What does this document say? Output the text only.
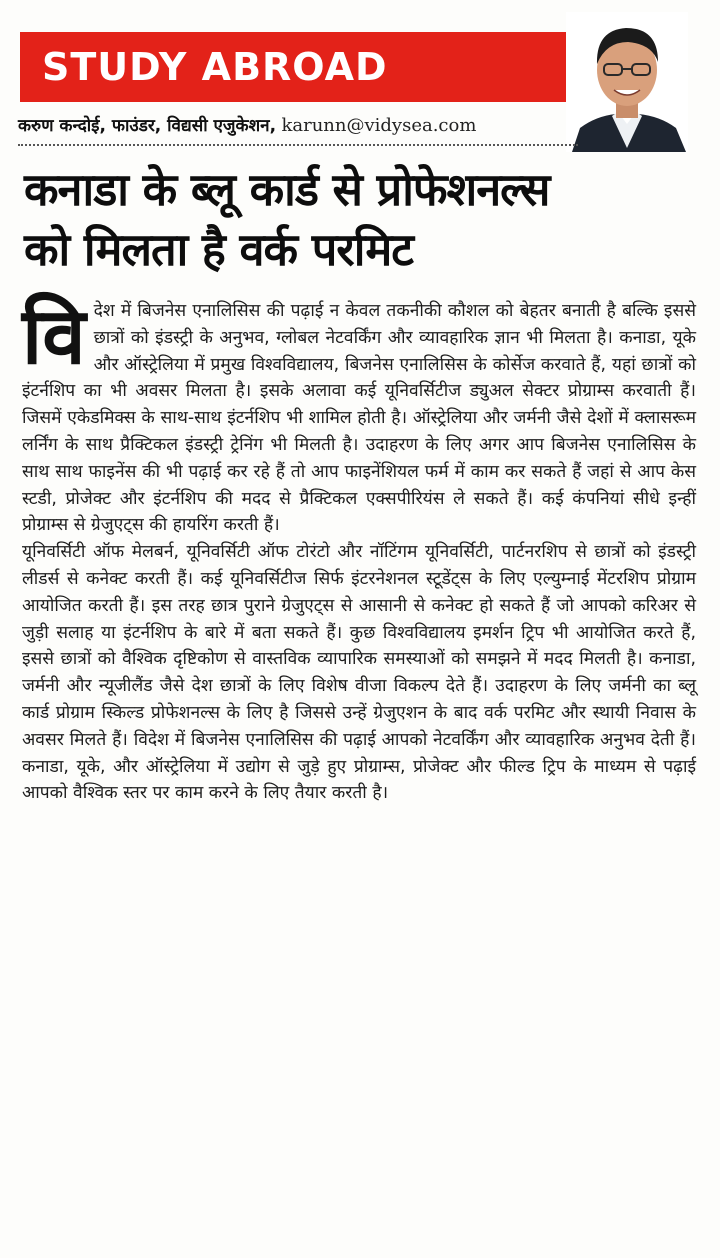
STUDY ABROAD
करुण कन्दोई, फाउंडर, विद्यसी एजुकेशन, karunn@vidysea.com
कनाडा के ब्लू कार्ड से प्रोफेशनल्स
को मिलता है वर्क परमिट

विदेश में बिजनेस एनालिसिस की पढ़ाई न केवल तकनीकी कौशल को बेहतर बनाती है बल्कि इससे छात्रों को इंडस्ट्री के अनुभव, ग्लोबल नेटवर्किंग और व्यावहारिक ज्ञान भी मिलता है। कनाडा, यूके और ऑस्ट्रेलिया में प्रमुख विश्वविद्यालय, बिजनेस एनालिसिस के कोर्सेज करवाते हैं, यहां छात्रों को इंटर्नशिप का भी अवसर मिलता है। इसके अलावा कई यूनिवर्सिटीज ड्युअल सेक्टर प्रोग्राम्स करवाती हैं। जिसमें एकेडमिक्स के साथ-साथ इंटर्नशिप भी शामिल होती है। ऑस्ट्रेलिया और जर्मनी जैसे देशों में क्लासरूम लर्निंग के साथ प्रैक्टिकल इंडस्ट्री ट्रेनिंग भी मिलती है। उदाहरण के लिए अगर आप बिजनेस एनालिसिस के साथ साथ फाइनेंस की भी पढ़ाई कर रहे हैं तो आप फाइनेंशियल फर्म में काम कर सकते हैं जहां से आप केस स्टडी, प्रोजेक्ट और इंटर्नशिप की मदद से प्रैक्टिकल एक्सपीरियंस ले सकते हैं। कई कंपनियां सीधे इन्हीं प्रोग्राम्स से ग्रेजुएट्स की हायरिंग करती हैं।

यूनिवर्सिटी ऑफ मेलबर्न, यूनिवर्सिटी ऑफ टोरंटो और नॉटिंगम यूनिवर्सिटी, पार्टनरशिप से छात्रों को इंडस्ट्री लीडर्स से कनेक्ट करती हैं। कई यूनिवर्सिटीज सिर्फ इंटरनेशनल स्टूडेंट्स के लिए एल्युम्नाई मेंटरशिप प्रोग्राम आयोजित करती हैं। इस तरह छात्र पुराने ग्रेजुएट्स से आसानी से कनेक्ट हो सकते हैं जो आपको करिअर से जुड़ी सलाह या इंटर्नशिप के बारे में बता सकते हैं। कुछ विश्वविद्यालय इमर्शन ट्रिप भी आयोजित करते हैं, इससे छात्रों को वैश्विक दृष्टिकोण से वास्तविक व्यापारिक समस्याओं को समझने में मदद मिलती है। कनाडा, जर्मनी और न्यूजीलैंड जैसे देश छात्रों के लिए विशेष वीजा विकल्प देते हैं। उदाहरण के लिए जर्मनी का ब्लू कार्ड प्रोग्राम स्किल्ड प्रोफेशनल्स के लिए है जिससे उन्हें ग्रेजुएशन के बाद वर्क परमिट और स्थायी निवास के अवसर मिलते हैं। विदेश में बिजनेस एनालिसिस की पढ़ाई आपको नेटवर्किंग और व्यावहारिक अनुभव देती हैं। कनाडा, यूके, और ऑस्ट्रेलिया में उद्योग से जुड़े हुए प्रोग्राम्स, प्रोजेक्ट और फील्ड ट्रिप के माध्यम से पढ़ाई आपको वैश्विक स्तर पर काम करने के लिए तैयार करती है।
